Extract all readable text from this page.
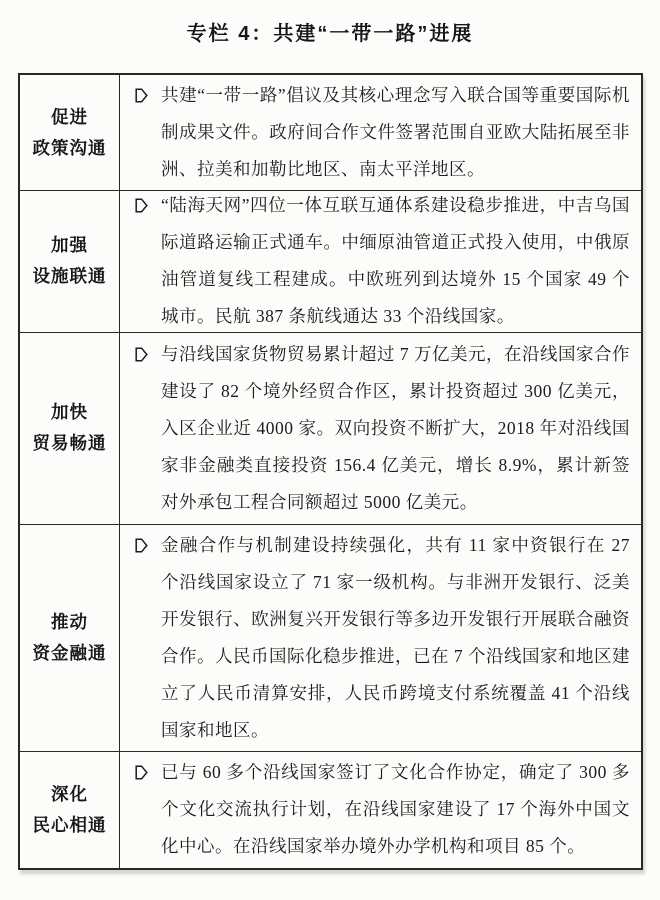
专栏 4：共建“一带一路”进展
促进
政策沟通

共建“一带一路”倡议及其核心理念写入联合国等重要国际机制成果文件。政府间合作文件签署范围自亚欧大陆拓展至非洲、拉美和加勒比地区、南太平洋地区。

加强
设施联通

“陆海天网”四位一体互联互通体系建设稳步推进，中吉乌国际道路运输正式通车。中缅原油管道正式投入使用，中俄原油管道复线工程建成。中欧班列到达境外 15 个国家 49 个城市。民航 387 条航线通达 33 个沿线国家。

加快
贸易畅通

与沿线国家货物贸易累计超过 7 万亿美元，在沿线国家合作建设了 82 个境外经贸合作区，累计投资超过 300 亿美元，入区企业近 4000 家。双向投资不断扩大，2018 年对沿线国家非金融类直接投资 156.4 亿美元，增长 8.9%，累计新签对外承包工程合同额超过 5000 亿美元。

推动
资金融通

金融合作与机制建设持续强化，共有 11 家中资银行在 27 个沿线国家设立了 71 家一级机构。与非洲开发银行、泛美开发银行、欧洲复兴开发银行等多边开发银行开展联合融资合作。人民币国际化稳步推进，已在 7 个沿线国家和地区建立了人民币清算安排，人民币跨境支付系统覆盖 41 个沿线国家和地区。

深化
民心相通

已与 60 多个沿线国家签订了文化合作协定，确定了 300 多个文化交流执行计划，在沿线国家建设了 17 个海外中国文化中心。在沿线国家举办境外办学机构和项目 85 个。
